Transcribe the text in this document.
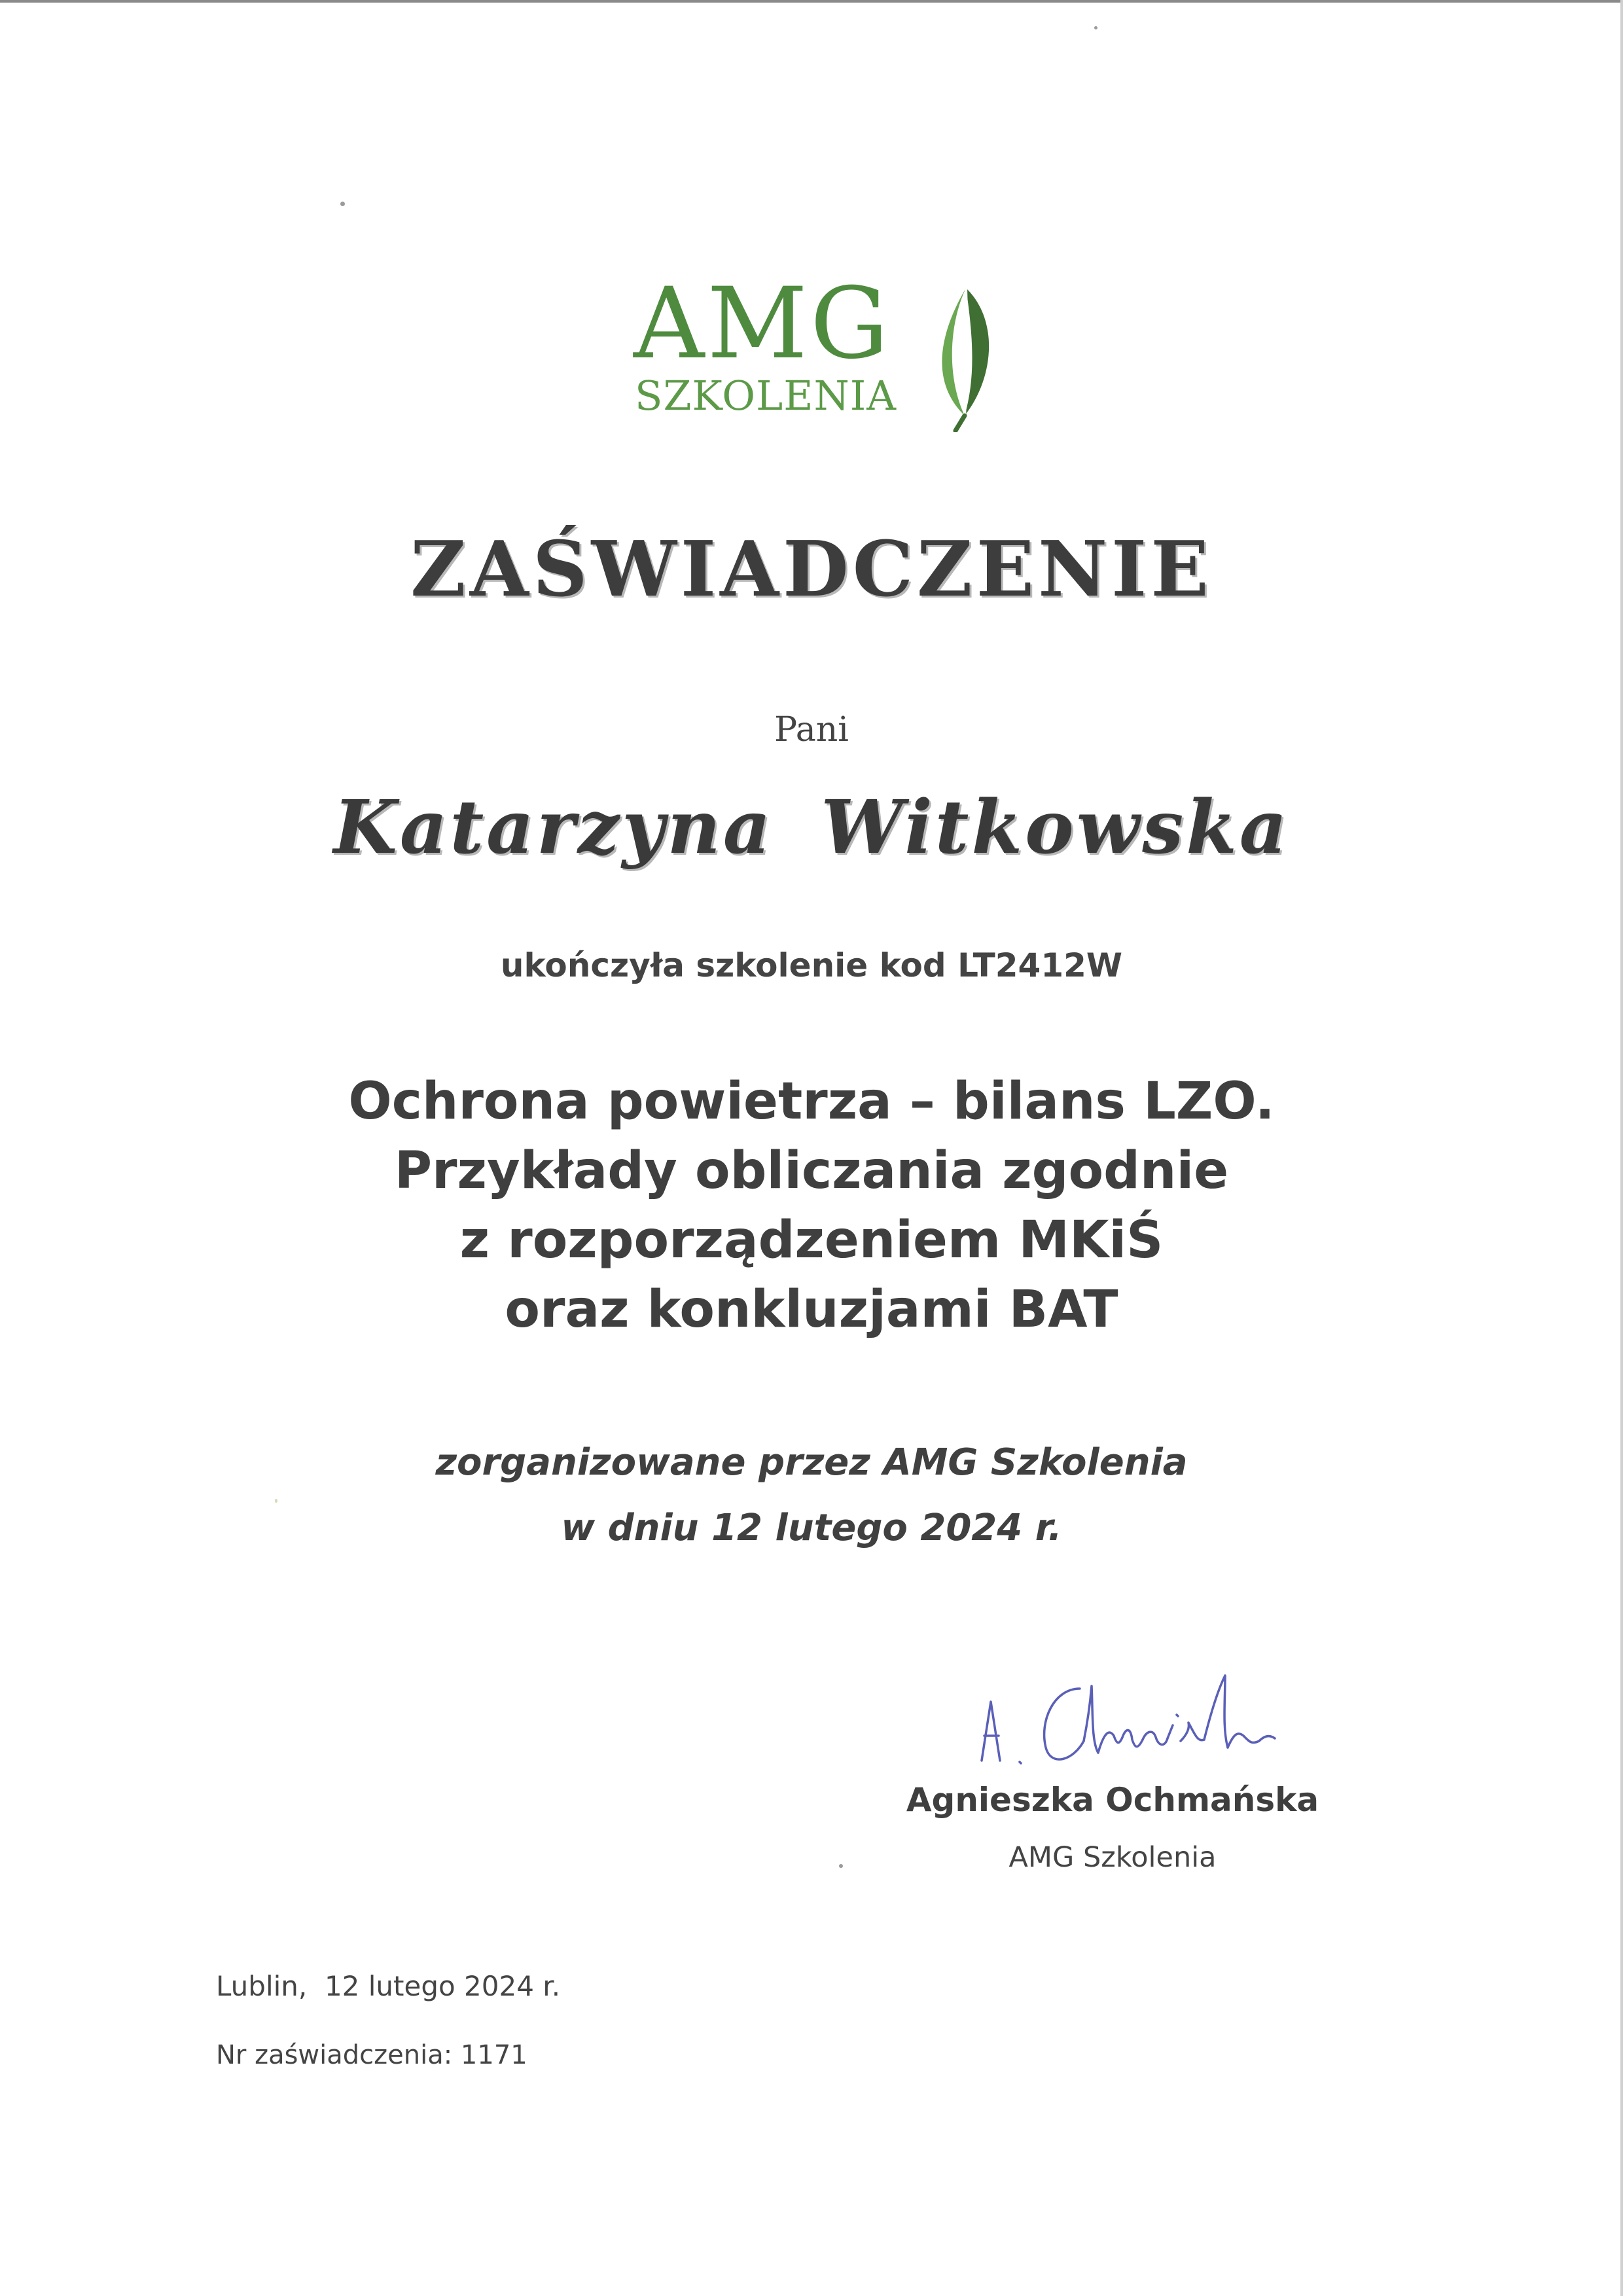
AMG
SZKOLENIA
ZAŚWIADCZENIE
Pani
Katarzyna Witkowska
ukończyła szkolenie kod LT2412W
Ochrona powietrza – bilans LZO.
Przykłady obliczania zgodnie
z rozporządzeniem MKiŚ
oraz konkluzjami BAT
zorganizowane przez AMG Szkolenia
w dniu 12 lutego 2024 r.
Agnieszka Ochmańska
AMG Szkolenia
Lublin,  12 lutego 2024 r.
Nr zaświadczenia: 1171
